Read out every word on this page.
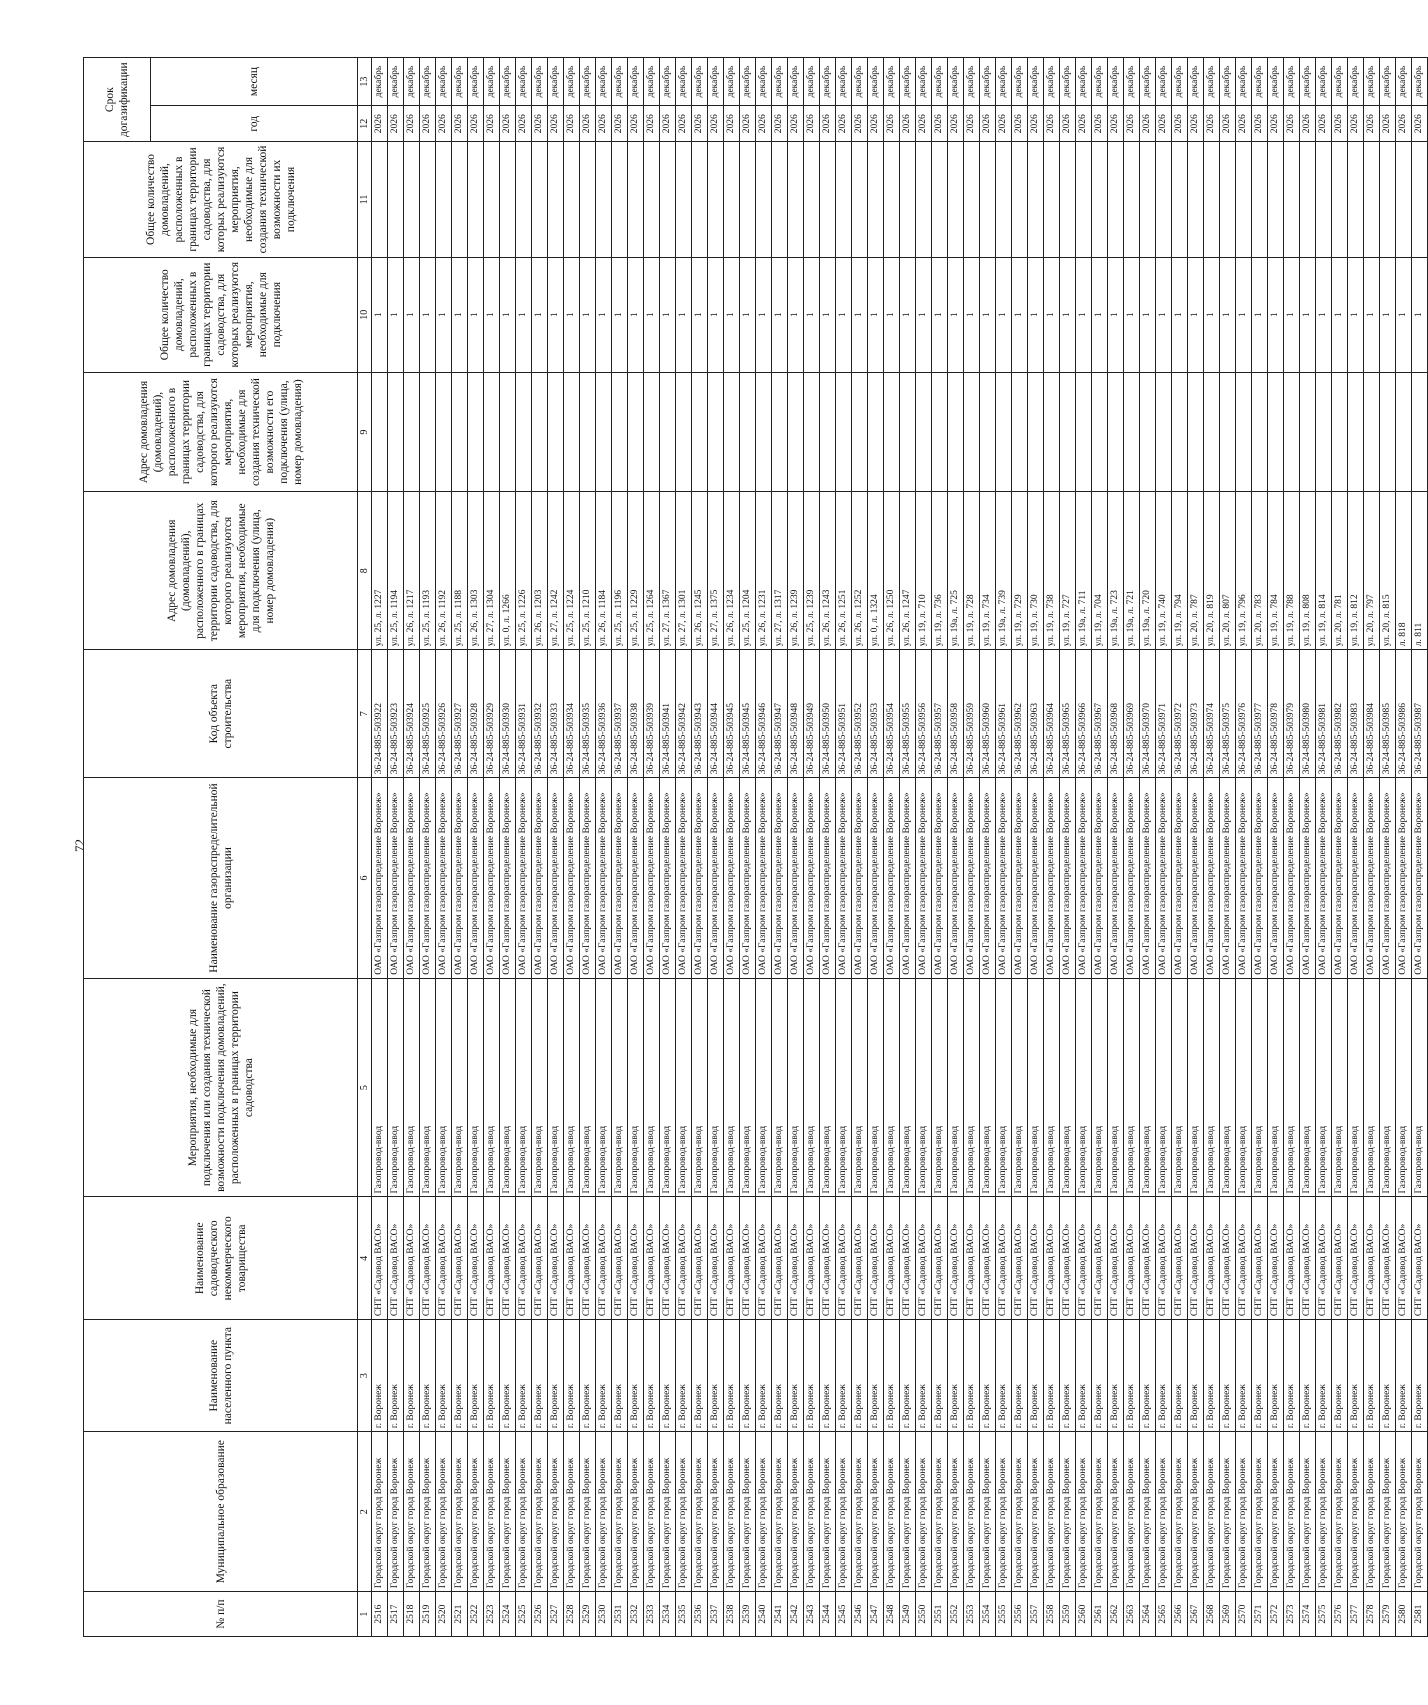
72
№ п/п	Муниципальное образование	Наименование населенного пункта	Наименование садоводческого некоммерческого товарищества	Мероприятия, необходимые для подключения или создания технической возможности подключения домовладений, расположенных в границах территории садоводства	Наименование газораспределительной организации	Код объекта строительства	Адрес домовладения (домовладений), расположенного в границах территории садоводства, для которого реализуются мероприятия, необходимые для подключения (улица, номер домовладения)	Адрес домовладения (домовладений), расположенного в границах территории садоводства, для которого реализуются мероприятия, необходимые для создания технической возможности его подключения (улица, номер домовладения)	Общее количество домовладений, расположенных в границах территории садоводства, для которых реализуются мероприятия, необходимые для подключения	Общее количество домовладений, расположенных в границах территории садоводства, для которых реализуются мероприятия, необходимые для создания технической возможности их подключения	Срок догазификации	
											год	месяц
1	2	3	4	5	6	7	8	9	10	11	12	13
2516	Городской округ город Воронеж	г. Воронеж	СНТ «Садовод ВАСО»	Газопровод-ввод	ОАО «Газпром газораспределение Воронеж»	36-24-885-503922	ул. 25, л. 1227		1		2026	декабрь
2517	Городской округ город Воронеж	г. Воронеж	СНТ «Садовод ВАСО»	Газопровод-ввод	ОАО «Газпром газораспределение Воронеж»	36-24-885-503923	ул. 25, л. 1194		1		2026	декабрь
2518	Городской округ город Воронеж	г. Воронеж	СНТ «Садовод ВАСО»	Газопровод-ввод	ОАО «Газпром газораспределение Воронеж»	36-24-885-503924	ул. 26, л. 1217		1		2026	декабрь
2519	Городской округ город Воронеж	г. Воронеж	СНТ «Садовод ВАСО»	Газопровод-ввод	ОАО «Газпром газораспределение Воронеж»	36-24-885-503925	ул. 25, л. 1193		1		2026	декабрь
2520	Городской округ город Воронеж	г. Воронеж	СНТ «Садовод ВАСО»	Газопровод-ввод	ОАО «Газпром газораспределение Воронеж»	36-24-885-503926	ул. 26, л. 1192		1		2026	декабрь
2521	Городской округ город Воронеж	г. Воронеж	СНТ «Садовод ВАСО»	Газопровод-ввод	ОАО «Газпром газораспределение Воронеж»	36-24-885-503927	ул. 25, л. 1188		1		2026	декабрь
2522	Городской округ город Воронеж	г. Воронеж	СНТ «Садовод ВАСО»	Газопровод-ввод	ОАО «Газпром газораспределение Воронеж»	36-24-885-503928	ул. 26, л. 1303		1		2026	декабрь
2523	Городской округ город Воронеж	г. Воронеж	СНТ «Садовод ВАСО»	Газопровод-ввод	ОАО «Газпром газораспределение Воронеж»	36-24-885-503929	ул. 27, л. 1304		1		2026	декабрь
2524	Городской округ город Воронеж	г. Воронеж	СНТ «Садовод ВАСО»	Газопровод-ввод	ОАО «Газпром газораспределение Воронеж»	36-24-885-503930	ул. 0, л. 1266		1		2026	декабрь
2525	Городской округ город Воронеж	г. Воронеж	СНТ «Садовод ВАСО»	Газопровод-ввод	ОАО «Газпром газораспределение Воронеж»	36-24-885-503931	ул. 25, л. 1226		1		2026	декабрь
2526	Городской округ город Воронеж	г. Воронеж	СНТ «Садовод ВАСО»	Газопровод-ввод	ОАО «Газпром газораспределение Воронеж»	36-24-885-503932	ул. 26, л. 1203		1		2026	декабрь
2527	Городской округ город Воронеж	г. Воронеж	СНТ «Садовод ВАСО»	Газопровод-ввод	ОАО «Газпром газораспределение Воронеж»	36-24-885-503933	ул. 27, л. 1242		1		2026	декабрь
2528	Городской округ город Воронеж	г. Воронеж	СНТ «Садовод ВАСО»	Газопровод-ввод	ОАО «Газпром газораспределение Воронеж»	36-24-885-503934	ул. 25, л. 1224		1		2026	декабрь
2529	Городской округ город Воронеж	г. Воронеж	СНТ «Садовод ВАСО»	Газопровод-ввод	ОАО «Газпром газораспределение Воронеж»	36-24-885-503935	ул. 25, л. 1210		1		2026	декабрь
2530	Городской округ город Воронеж	г. Воронеж	СНТ «Садовод ВАСО»	Газопровод-ввод	ОАО «Газпром газораспределение Воронеж»	36-24-885-503936	ул. 26, л. 1184		1		2026	декабрь
2531	Городской округ город Воронеж	г. Воронеж	СНТ «Садовод ВАСО»	Газопровод-ввод	ОАО «Газпром газораспределение Воронеж»	36-24-885-503937	ул. 25, л. 1196		1		2026	декабрь
2532	Городской округ город Воронеж	г. Воронеж	СНТ «Садовод ВАСО»	Газопровод-ввод	ОАО «Газпром газораспределение Воронеж»	36-24-885-503938	ул. 25, л. 1229		1		2026	декабрь
2533	Городской округ город Воронеж	г. Воронеж	СНТ «Садовод ВАСО»	Газопровод-ввод	ОАО «Газпром газораспределение Воронеж»	36-24-885-503939	ул. 25, л. 1264		1		2026	декабрь
2534	Городской округ город Воронеж	г. Воронеж	СНТ «Садовод ВАСО»	Газопровод-ввод	ОАО «Газпром газораспределение Воронеж»	36-24-885-503941	ул. 27, л. 1367		1		2026	декабрь
2535	Городской округ город Воронеж	г. Воронеж	СНТ «Садовод ВАСО»	Газопровод-ввод	ОАО «Газпром газораспределение Воронеж»	36-24-885-503942	ул. 27, л. 1301		1		2026	декабрь
2536	Городской округ город Воронеж	г. Воронеж	СНТ «Садовод ВАСО»	Газопровод-ввод	ОАО «Газпром газораспределение Воронеж»	36-24-885-503943	ул. 26, л. 1245		1		2026	декабрь
2537	Городской округ город Воронеж	г. Воронеж	СНТ «Садовод ВАСО»	Газопровод-ввод	ОАО «Газпром газораспределение Воронеж»	36-24-885-503944	ул. 27, л. 1375		1		2026	декабрь
2538	Городской округ город Воронеж	г. Воронеж	СНТ «Садовод ВАСО»	Газопровод-ввод	ОАО «Газпром газораспределение Воронеж»	36-24-885-503945	ул. 26, л. 1234		1		2026	декабрь
2539	Городской округ город Воронеж	г. Воронеж	СНТ «Садовод ВАСО»	Газопровод-ввод	ОАО «Газпром газораспределение Воронеж»	36-24-885-503945	ул. 25, л. 1204		1		2026	декабрь
2540	Городской округ город Воронеж	г. Воронеж	СНТ «Садовод ВАСО»	Газопровод-ввод	ОАО «Газпром газораспределение Воронеж»	36-24-885-503946	ул. 26, л. 1231		1		2026	декабрь
2541	Городской округ город Воронеж	г. Воронеж	СНТ «Садовод ВАСО»	Газопровод-ввод	ОАО «Газпром газораспределение Воронеж»	36-24-885-503947	ул. 27, л. 1317		1		2026	декабрь
2542	Городской округ город Воронеж	г. Воронеж	СНТ «Садовод ВАСО»	Газопровод-ввод	ОАО «Газпром газораспределение Воронеж»	36-24-885-503948	ул. 26, л. 1239		1		2026	декабрь
2543	Городской округ город Воронеж	г. Воронеж	СНТ «Садовод ВАСО»	Газопровод-ввод	ОАО «Газпром газораспределение Воронеж»	36-24-885-503949	ул. 25, л. 1239		1		2026	декабрь
2544	Городской округ город Воронеж	г. Воронеж	СНТ «Садовод ВАСО»	Газопровод-ввод	ОАО «Газпром газораспределение Воронеж»	36-24-885-503950	ул. 26, л. 1243		1		2026	декабрь
2545	Городской округ город Воронеж	г. Воронеж	СНТ «Садовод ВАСО»	Газопровод-ввод	ОАО «Газпром газораспределение Воронеж»	36-24-885-503951	ул. 26, л. 1251		1		2026	декабрь
2546	Городской округ город Воронеж	г. Воронеж	СНТ «Садовод ВАСО»	Газопровод-ввод	ОАО «Газпром газораспределение Воронеж»	36-24-885-503952	ул. 26, л. 1252		1		2026	декабрь
2547	Городской округ город Воронеж	г. Воронеж	СНТ «Садовод ВАСО»	Газопровод-ввод	ОАО «Газпром газораспределение Воронеж»	36-24-885-503953	ул. 0, л. 1324		1		2026	декабрь
2548	Городской округ город Воронеж	г. Воронеж	СНТ «Садовод ВАСО»	Газопровод-ввод	ОАО «Газпром газораспределение Воронеж»	36-24-885-503954	ул. 26, л. 1250		1		2026	декабрь
2549	Городской округ город Воронеж	г. Воронеж	СНТ «Садовод ВАСО»	Газопровод-ввод	ОАО «Газпром газораспределение Воронеж»	36-24-885-503955	ул. 26, л. 1247		1		2026	декабрь
2550	Городской округ город Воронеж	г. Воронеж	СНТ «Садовод ВАСО»	Газопровод-ввод	ОАО «Газпром газораспределение Воронеж»	36-24-885-503956	ул. 19, л. 710		1		2026	декабрь
2551	Городской округ город Воронеж	г. Воронеж	СНТ «Садовод ВАСО»	Газопровод-ввод	ОАО «Газпром газораспределение Воронеж»	36-24-885-503957	ул. 19, л. 736		1		2026	декабрь
2552	Городской округ город Воронеж	г. Воронеж	СНТ «Садовод ВАСО»	Газопровод-ввод	ОАО «Газпром газораспределение Воронеж»	36-24-885-503958	ул. 19а, л. 725		1		2026	декабрь
2553	Городской округ город Воронеж	г. Воронеж	СНТ «Садовод ВАСО»	Газопровод-ввод	ОАО «Газпром газораспределение Воронеж»	36-24-885-503959	ул. 19, л. 728		1		2026	декабрь
2554	Городской округ город Воронеж	г. Воронеж	СНТ «Садовод ВАСО»	Газопровод-ввод	ОАО «Газпром газораспределение Воронеж»	36-24-885-503960	ул. 19, л. 734		1		2026	декабрь
2555	Городской округ город Воронеж	г. Воронеж	СНТ «Садовод ВАСО»	Газопровод-ввод	ОАО «Газпром газораспределение Воронеж»	36-24-885-503961	ул. 19а, л. 739		1		2026	декабрь
2556	Городской округ город Воронеж	г. Воронеж	СНТ «Садовод ВАСО»	Газопровод-ввод	ОАО «Газпром газораспределение Воронеж»	36-24-885-503962	ул. 19, л. 729		1		2026	декабрь
2557	Городской округ город Воронеж	г. Воронеж	СНТ «Садовод ВАСО»	Газопровод-ввод	ОАО «Газпром газораспределение Воронеж»	36-24-885-503963	ул. 19, л. 730		1		2026	декабрь
2558	Городской округ город Воронеж	г. Воронеж	СНТ «Садовод ВАСО»	Газопровод-ввод	ОАО «Газпром газораспределение Воронеж»	36-24-885-503964	ул. 19, л. 738		1		2026	декабрь
2559	Городской округ город Воронеж	г. Воронеж	СНТ «Садовод ВАСО»	Газопровод-ввод	ОАО «Газпром газораспределение Воронеж»	36-24-885-503965	ул. 19, л. 727		1		2026	декабрь
2560	Городской округ город Воронеж	г. Воронеж	СНТ «Садовод ВАСО»	Газопровод-ввод	ОАО «Газпром газораспределение Воронеж»	36-24-885-503966	ул. 19а, л. 711		1		2026	декабрь
2561	Городской округ город Воронеж	г. Воронеж	СНТ «Садовод ВАСО»	Газопровод-ввод	ОАО «Газпром газораспределение Воронеж»	36-24-885-503967	ул. 19, л. 704		1		2026	декабрь
2562	Городской округ город Воронеж	г. Воронеж	СНТ «Садовод ВАСО»	Газопровод-ввод	ОАО «Газпром газораспределение Воронеж»	36-24-885-503968	ул. 19а, л. 723		1		2026	декабрь
2563	Городской округ город Воронеж	г. Воронеж	СНТ «Садовод ВАСО»	Газопровод-ввод	ОАО «Газпром газораспределение Воронеж»	36-24-885-503969	ул. 19а, л. 721		1		2026	декабрь
2564	Городской округ город Воронеж	г. Воронеж	СНТ «Садовод ВАСО»	Газопровод-ввод	ОАО «Газпром газораспределение Воронеж»	36-24-885-503970	ул. 19а, л. 720		1		2026	декабрь
2565	Городской округ город Воронеж	г. Воронеж	СНТ «Садовод ВАСО»	Газопровод-ввод	ОАО «Газпром газораспределение Воронеж»	36-24-885-503971	ул. 19, л. 740		1		2026	декабрь
2566	Городской округ город Воронеж	г. Воронеж	СНТ «Садовод ВАСО»	Газопровод-ввод	ОАО «Газпром газораспределение Воронеж»	36-24-885-503972	ул. 19, л. 794		1		2026	декабрь
2567	Городской округ город Воронеж	г. Воронеж	СНТ «Садовод ВАСО»	Газопровод-ввод	ОАО «Газпром газораспределение Воронеж»	36-24-885-503973	ул. 20, л. 787		1		2026	декабрь
2568	Городской округ город Воронеж	г. Воронеж	СНТ «Садовод ВАСО»	Газопровод-ввод	ОАО «Газпром газораспределение Воронеж»	36-24-885-503974	ул. 20, л. 819		1		2026	декабрь
2569	Городской округ город Воронеж	г. Воронеж	СНТ «Садовод ВАСО»	Газопровод-ввод	ОАО «Газпром газораспределение Воронеж»	36-24-885-503975	ул. 20, л. 807		1		2026	декабрь
2570	Городской округ город Воронеж	г. Воронеж	СНТ «Садовод ВАСО»	Газопровод-ввод	ОАО «Газпром газораспределение Воронеж»	36-24-885-503976	ул. 19, л. 796		1		2026	декабрь
2571	Городской округ город Воронеж	г. Воронеж	СНТ «Садовод ВАСО»	Газопровод-ввод	ОАО «Газпром газораспределение Воронеж»	36-24-885-503977	ул. 20, л. 783		1		2026	декабрь
2572	Городской округ город Воронеж	г. Воронеж	СНТ «Садовод ВАСО»	Газопровод-ввод	ОАО «Газпром газораспределение Воронеж»	36-24-885-503978	ул. 19, л. 784		1		2026	декабрь
2573	Городской округ город Воронеж	г. Воронеж	СНТ «Садовод ВАСО»	Газопровод-ввод	ОАО «Газпром газораспределение Воронеж»	36-24-885-503979	ул. 19, л. 788		1		2026	декабрь
2574	Городской округ город Воронеж	г. Воронеж	СНТ «Садовод ВАСО»	Газопровод-ввод	ОАО «Газпром газораспределение Воронеж»	36-24-885-503980	ул. 19, л. 808		1		2026	декабрь
2575	Городской округ город Воронеж	г. Воронеж	СНТ «Садовод ВАСО»	Газопровод-ввод	ОАО «Газпром газораспределение Воронеж»	36-24-885-503981	ул. 19, л. 814		1		2026	декабрь
2576	Городской округ город Воронеж	г. Воронеж	СНТ «Садовод ВАСО»	Газопровод-ввод	ОАО «Газпром газораспределение Воронеж»	36-24-885-503982	ул. 20, л. 781		1		2026	декабрь
2577	Городской округ город Воронеж	г. Воронеж	СНТ «Садовод ВАСО»	Газопровод-ввод	ОАО «Газпром газораспределение Воронеж»	36-24-885-503983	ул. 19, л. 812		1		2026	декабрь
2578	Городской округ город Воронеж	г. Воронеж	СНТ «Садовод ВАСО»	Газопровод-ввод	ОАО «Газпром газораспределение Воронеж»	36-24-885-503984	ул. 20, л. 797		1		2026	декабрь
2579	Городской округ город Воронеж	г. Воронеж	СНТ «Садовод ВАСО»	Газопровод-ввод	ОАО «Газпром газораспределение Воронеж»	36-24-885-503985	ул. 20, л. 815		1		2026	декабрь
2580	Городской округ город Воронеж	г. Воронеж	СНТ «Садовод ВАСО»	Газопровод-ввод	ОАО «Газпром газораспределение Воронеж»	36-24-885-503986	л. 818		1		2026	декабрь
2581	Городской округ город Воронеж	г. Воронеж	СНТ «Садовод ВАСО»	Газопровод-ввод	ОАО «Газпром газораспределение Воронеж»	36-24-885-503987	л. 811		1		2026	декабрь
